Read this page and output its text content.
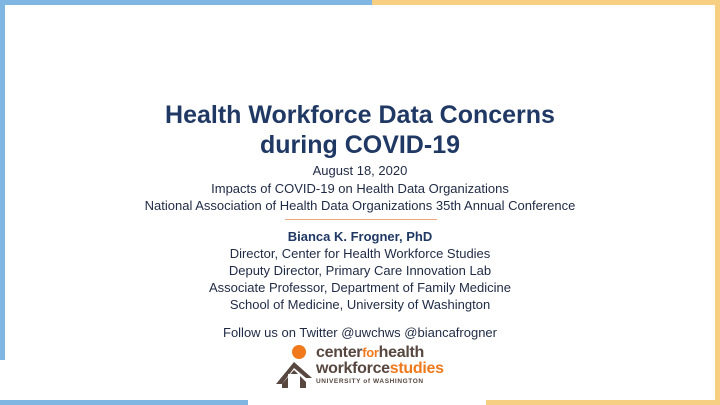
Health Workforce Data Concerns
during COVID-19
August 18, 2020
Impacts of COVID-19 on Health Data Organizations
National Association of Health Data Organizations 35th Annual Conference
Bianca K. Frogner, PhD
Director, Center for Health Workforce Studies
Deputy Director, Primary Care Innovation Lab
Associate Professor, Department of Family Medicine
School of Medicine, University of Washington
Follow us on Twitter @uwchws @biancafrogner
centerforhealth
workforcestudies
UNIVERSITY of WASHINGTON
